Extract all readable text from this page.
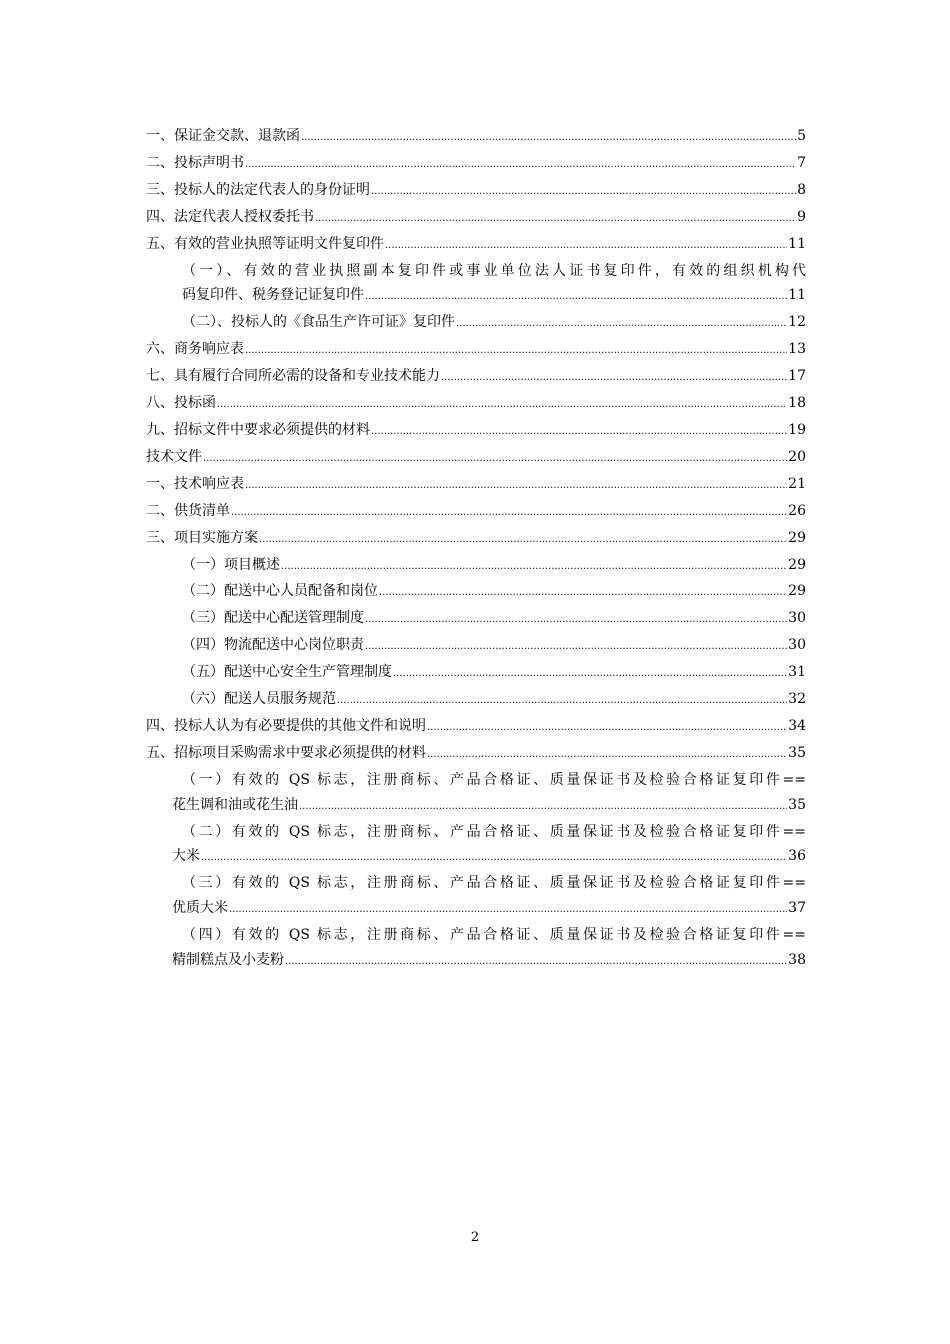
一、保证金交款、退款函 .....	5
二、投标声明书 .....	7
三、投标人的法定代表人的身份证明 .....	8
四、法定代表人授权委托书 .....	9
五、有效的营业执照等证明文件复印件 .....	11
（一）、有效的营业执照副本复印件或事业单位法人证书复印件，有效的组织机构代
码复印件、税务登记证复印件 .....	11
（二）、投标人的《食品生产许可证》复印件 .....	12
六、商务响应表 .....	13
七、具有履行合同所必需的设备和专业技术能力 .....	17
八、投标函 .....	18
九、招标文件中要求必须提供的材料 .....	19
技术文件 .....	20
一、技术响应表 .....	21
二、供货清单 .....	26
三、项目实施方案 .....	29
（一）项目概述 .....	29
（二）配送中心人员配备和岗位 .....	29
（三）配送中心配送管理制度 .....	30
（四）物流配送中心岗位职责 .....	30
（五）配送中心安全生产管理制度 .....	31
（六）配送人员服务规范 .....	32
四、投标人认为有必要提供的其他文件和说明 .....	34
五、招标项目采购需求中要求必须提供的材料 .....	35
（一）有效的 QS 标志，注册商标、产品合格证、质量保证书及检验合格证复印件==
花生调和油或花生油 .....	35
（二）有效的 QS 标志，注册商标、产品合格证、质量保证书及检验合格证复印件==
大米 .....	36
（三）有效的 QS 标志，注册商标、产品合格证、质量保证书及检验合格证复印件==
优质大米 .....	37
（四）有效的 QS 标志，注册商标、产品合格证、质量保证书及检验合格证复印件==
精制糕点及小麦粉 .....	38
2
